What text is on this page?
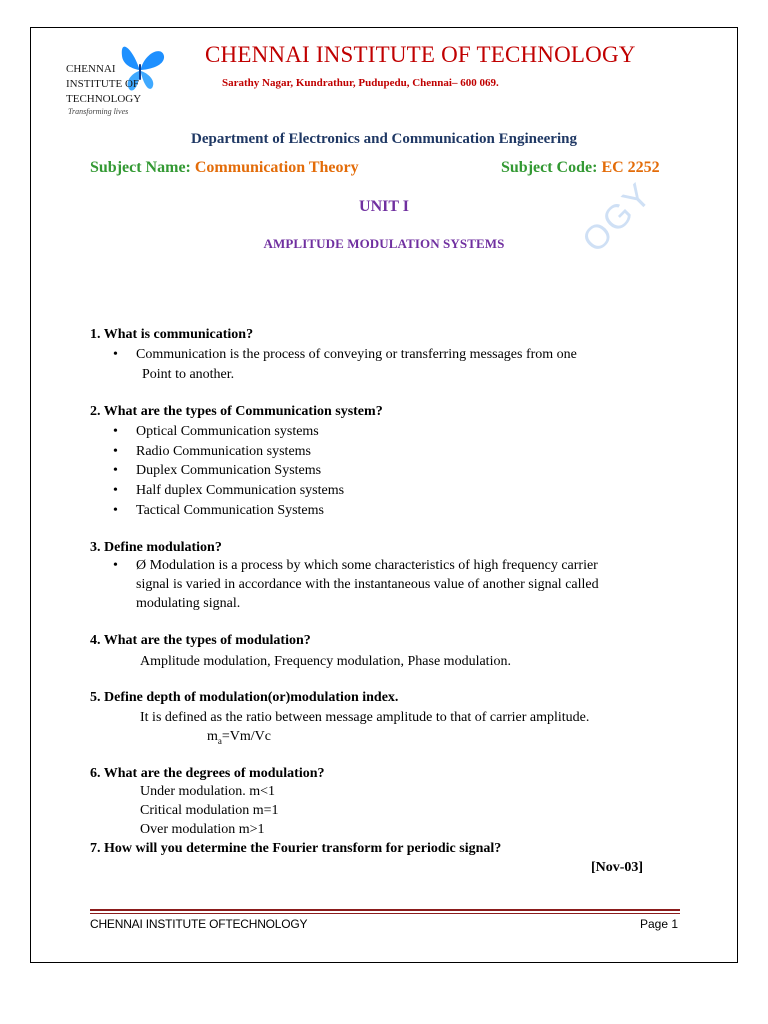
CHENNAI
INSTITUTE OF
TECHNOLOGY
Transforming lives
CHENNAI INSTITUTE OF TECHNOLOGY
Sarathy Nagar, Kundrathur, Pudupedu, Chennai– 600 069.
Department of Electronics and Communication Engineering
Subject Name: Communication Theory	Subject Code: EC 2252
UNIT I
AMPLITUDE MODULATION SYSTEMS	OGY
1. What is communication?
• Communication is the process of conveying or transferring messages from one
Point to another.
2. What are the types of Communication system?
• Optical Communication systems
• Radio Communication systems
• Duplex Communication Systems
• Half duplex Communication systems
• Tactical Communication Systems
3. Define modulation?
• Ø Modulation is a process by which some characteristics of high frequency carrier
signal is varied in accordance with the instantaneous value of another signal called
modulating signal.
4. What are the types of modulation?
Amplitude modulation, Frequency modulation, Phase modulation.
5. Define depth of modulation(or)modulation index.
It is defined as the ratio between message amplitude to that of carrier amplitude.
$m_a=Vm/Vc$
6. What are the degrees of modulation?
Under modulation. m<1
Critical modulation m=1
Over modulation m>1
7. How will you determine the Fourier transform for periodic signal?
[Nov-03]
CHENNAI INSTITUTE OFTECHNOLOGY	Page 1
